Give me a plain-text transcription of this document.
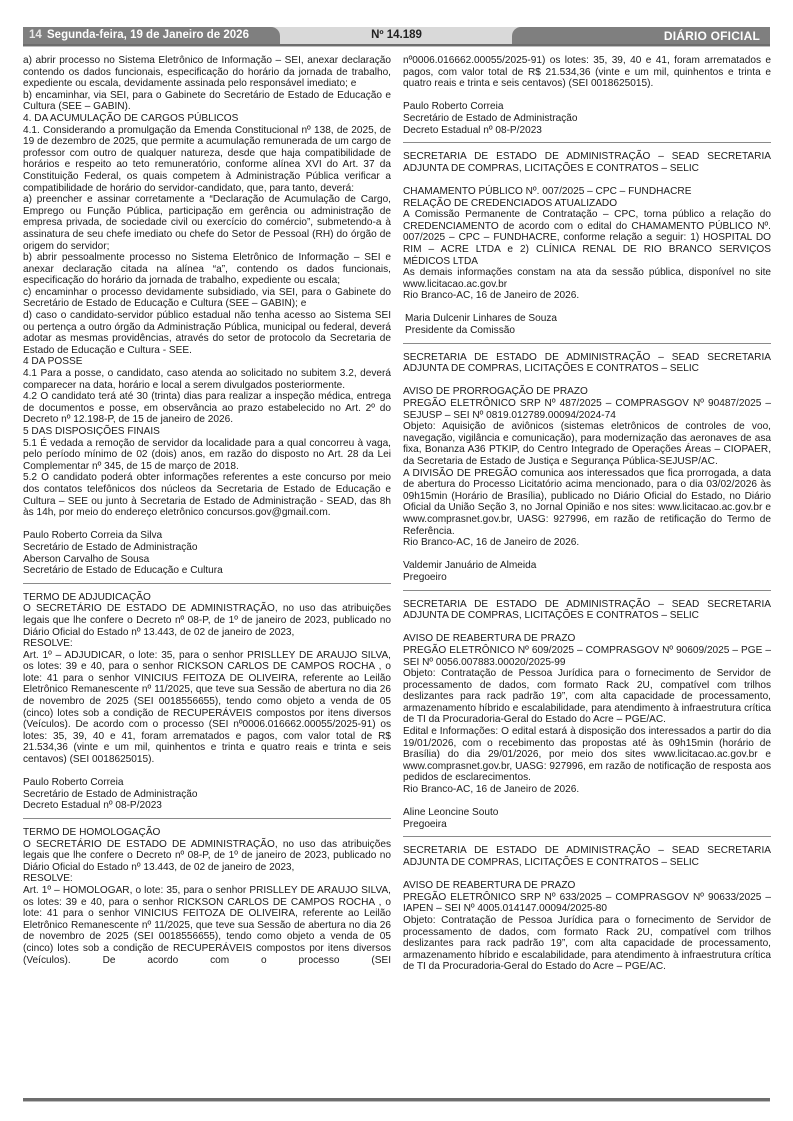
14 Segunda-feira, 19 de Janeiro de 2026	Nº 14.189	DIÁRIO OFICIAL

a) abrir processo no Sistema Eletrônico de Informação – SEI, anexar declaração contendo os dados funcionais, especificação do horário da jornada de trabalho, expediente ou escala, devidamente assinada pelo responsável imediato; e

b) encaminhar, via SEI, para o Gabinete do Secretário de Estado de Educação e Cultura (SEE – GABIN).

4. DA ACUMULAÇÃO DE CARGOS PÚBLICOS

4.1. Considerando a promulgação da Emenda Constitucional nº 138, de 2025, de 19 de dezembro de 2025, que permite a acumulação remunerada de um cargo de professor com outro de qualquer natureza, desde que haja compatibilidade de horários e respeito ao teto remuneratório, conforme alínea XVI do Art. 37 da Constituição Federal, os quais competem à Administração Pública verificar a compatibilidade de horário do servidor-candidato, que, para tanto, deverá:

a) preencher e assinar corretamente a “Declaração de Acumulação de Cargo, Emprego ou Função Pública, participação em gerência ou administração de empresa privada, de sociedade civil ou exercício do comércio”, submetendo-a à assinatura de seu chefe imediato ou chefe do Setor de Pessoal (RH) do órgão de origem do servidor;

b) abrir pessoalmente processo no Sistema Eletrônico de Informação – SEI e anexar declaração citada na alínea “a”, contendo os dados funcionais, especificação do horário da jornada de trabalho, expediente ou escala;

c) encaminhar o processo devidamente subsidiado, via SEI, para o Gabinete do Secretário de Estado de Educação e Cultura (SEE – GABIN); e

d) caso o candidato-servidor público estadual não tenha acesso ao Sistema SEI ou pertença a outro órgão da Administração Pública, municipal ou federal, deverá adotar as mesmas providências, através do setor de protocolo da Secretaria de Estado de Educação e Cultura - SEE.

4 DA POSSE

4.1 Para a posse, o candidato, caso atenda ao solicitado no subitem 3.2, deverá comparecer na data, horário e local a serem divulgados posteriormente.

4.2 O candidato terá até 30 (trinta) dias para realizar a inspeção médica, entrega de documentos e posse, em observância ao prazo estabelecido no Art. 2º do Decreto nº 12.198-P, de 15 de janeiro de 2026.

5 DAS DISPOSIÇÕES FINAIS

5.1 É vedada a remoção de servidor da localidade para a qual concorreu à vaga, pelo período mínimo de 02 (dois) anos, em razão do disposto no Art. 28 da Lei Complementar nº 345, de 15 de março de 2018.

5.2 O candidato poderá obter informações referentes a este concurso por meio dos contatos telefônicos dos núcleos da Secretaria de Estado de Educação e Cultura – SEE ou junto à Secretaria de Estado de Administração - SEAD, das 8h às 14h, por meio do endereço eletrônico concursos.gov@gmail.com.

Paulo Roberto Correia da Silva

Secretário de Estado de Administração

Aberson Carvalho de Sousa

Secretário de Estado de Educação e Cultura

TERMO DE ADJUDICAÇÃO

O SECRETÁRIO DE ESTADO DE ADMINISTRAÇÃO, no uso das atribuições legais que lhe confere o Decreto nº 08-P, de 1º de janeiro de 2023, publicado no Diário Oficial do Estado nº 13.443, de 02 de janeiro de 2023,

RESOLVE:

Art. 1º – ADJUDICAR, o lote: 35, para o senhor PRISLLEY DE ARAUJO SILVA, os lotes: 39 e 40, para o senhor RICKSON CARLOS DE CAMPOS ROCHA , o lote: 41 para o senhor VINICIUS FEITOZA DE OLIVEIRA, referente ao Leilão Eletrônico Remanescente nº 11/2025, que teve sua Sessão de abertura no dia 26 de novembro de 2025 (SEI 0018556655), tendo como objeto a venda de 05 (cinco) lotes sob a condição de RECUPERÁVEIS compostos por itens diversos (Veículos). De acordo com o processo (SEI nº0006.016662.00055/2025-91) os lotes: 35, 39, 40 e 41, foram arrematados e pagos, com valor total de R$ 21.534,36 (vinte e um mil, quinhentos e trinta e quatro reais e trinta e seis centavos) (SEI 0018625015).

Paulo Roberto Correia

Secretário de Estado de Administração

Decreto Estadual nº 08-P/2023

TERMO DE HOMOLOGAÇÃO

O SECRETÁRIO DE ESTADO DE ADMINISTRAÇÃO, no uso das atribuições legais que lhe confere o Decreto nº 08-P, de 1º de janeiro de 2023, publicado no Diário Oficial do Estado nº 13.443, de 02 de janeiro de 2023,

RESOLVE:

Art. 1º – HOMOLOGAR, o lote: 35, para o senhor PRISLLEY DE ARAUJO SILVA, os lotes: 39 e 40, para o senhor RICKSON CARLOS DE CAMPOS ROCHA , o lote: 41 para o senhor VINICIUS FEITOZA DE OLIVEIRA, referente ao Leilão Eletrônico Remanescente nº 11/2025, que teve sua Sessão de abertura no dia 26 de novembro de 2025 (SEI 0018556655), tendo como objeto a venda de 05 (cinco) lotes sob a condição de RECUPERÁVEIS compostos por itens diversos (Veículos). De acordo com o processo (SEI

nº0006.016662.00055/2025-91) os lotes: 35, 39, 40 e 41, foram arrematados e pagos, com valor total de R$ 21.534,36 (vinte e um mil, quinhentos e trinta e quatro reais e trinta e seis centavos) (SEI 0018625015).

Paulo Roberto Correia

Secretário de Estado de Administração

Decreto Estadual nº 08-P/2023

SECRETARIA DE ESTADO DE ADMINISTRAÇÃO – SEAD SECRETARIA ADJUNTA DE COMPRAS, LICITAÇÕES E CONTRATOS – SELIC

CHAMAMENTO PÚBLICO Nº. 007/2025 – CPC – FUNDHACRE

RELAÇÃO DE CREDENCIADOS ATUALIZADO

A Comissão Permanente de Contratação – CPC, torna público a relação do CREDENCIAMENTO de acordo com o edital do CHAMAMENTO PÚBLICO Nº. 007/2025 – CPC – FUNDHACRE, conforme relação a seguir: 1) HOSPITAL DO RIM – ACRE LTDA e 2) CLÍNICA RENAL DE RIO BRANCO SERVIÇOS MÉDICOS LTDA

As demais informações constam na ata da sessão pública, disponível no site www.licitacao.ac.gov.br

Rio Branco-AC, 16 de Janeiro de 2026.

Maria Dulcenir Linhares de Souza

Presidente da Comissão

SECRETARIA DE ESTADO DE ADMINISTRAÇÃO – SEAD SECRETARIA ADJUNTA DE COMPRAS, LICITAÇÕES E CONTRATOS – SELIC

AVISO DE PRORROGAÇÃO DE PRAZO

PREGÃO ELETRÔNICO SRP Nº 487/2025 – COMPRASGOV Nº 90487/2025 – SEJUSP – SEI Nº 0819.012789.00094/2024-74

Objeto: Aquisição de aviônicos (sistemas eletrônicos de controles de voo, navegação, vigilância e comunicação), para modernização das aeronaves de asa fixa, Bonanza A36 PTKIP, do Centro Integrado de Operações Áreas – CIOPAER, da Secretaria de Estado de Justiça e Segurança Pública-SEJUSP/AC.

A DIVISÃO DE PREGÃO comunica aos interessados que fica prorrogada, a data de abertura do Processo Licitatório acima mencionado, para o dia 03/02/2026 às 09h15min (Horário de Brasília), publicado no Diário Oficial do Estado, no Diário Oficial da União Seção 3, no Jornal Opinião e nos sites: www.licitacao.ac.gov.br e www.comprasnet.gov.br, UASG: 927996, em razão de retificação do Termo de Referência.

Rio Branco-AC, 16 de Janeiro de 2026.

Valdemir Januário de Almeida

Pregoeiro

SECRETARIA DE ESTADO DE ADMINISTRAÇÃO – SEAD SECRETARIA ADJUNTA DE COMPRAS, LICITAÇÕES E CONTRATOS – SELIC

AVISO DE REABERTURA DE PRAZO

PREGÃO ELETRÔNICO Nº 609/2025 – COMPRASGOV Nº 90609/2025 – PGE – SEI Nº 0056.007883.00020/2025-99

Objeto: Contratação de Pessoa Jurídica para o fornecimento de Servidor de processamento de dados, com formato Rack 2U, compatível com trilhos deslizantes para rack padrão 19”, com alta capacidade de processamento, armazenamento híbrido e escalabilidade, para atendimento à infraestrutura crítica de TI da Procuradoria-Geral do Estado do Acre – PGE/AC.

Edital e Informações: O edital estará à disposição dos interessados a partir do dia 19/01/2026, com o recebimento das propostas até às 09h15min (horário de Brasília) do dia 29/01/2026, por meio dos sites www.licitacao.ac.gov.br e www.comprasnet.gov.br, UASG: 927996, em razão de notificação de resposta aos pedidos de esclarecimentos.

Rio Branco-AC, 16 de Janeiro de 2026.

Aline Leoncine Souto

Pregoeira

SECRETARIA DE ESTADO DE ADMINISTRAÇÃO – SEAD SECRETARIA ADJUNTA DE COMPRAS, LICITAÇÕES E CONTRATOS – SELIC

AVISO DE REABERTURA DE PRAZO

PREGÃO ELETRÔNICO SRP Nº 633/2025 – COMPRASGOV Nº 90633/2025 – IAPEN – SEI Nº 4005.014147.00094/2025-80

Objeto: Contratação de Pessoa Jurídica para o fornecimento de Servidor de processamento de dados, com formato Rack 2U, compatível com trilhos deslizantes para rack padrão 19”, com alta capacidade de processamento, armazenamento híbrido e escalabilidade, para atendimento à infraestrutura crítica de TI da Procuradoria-Geral do Estado do Acre – PGE/AC.
